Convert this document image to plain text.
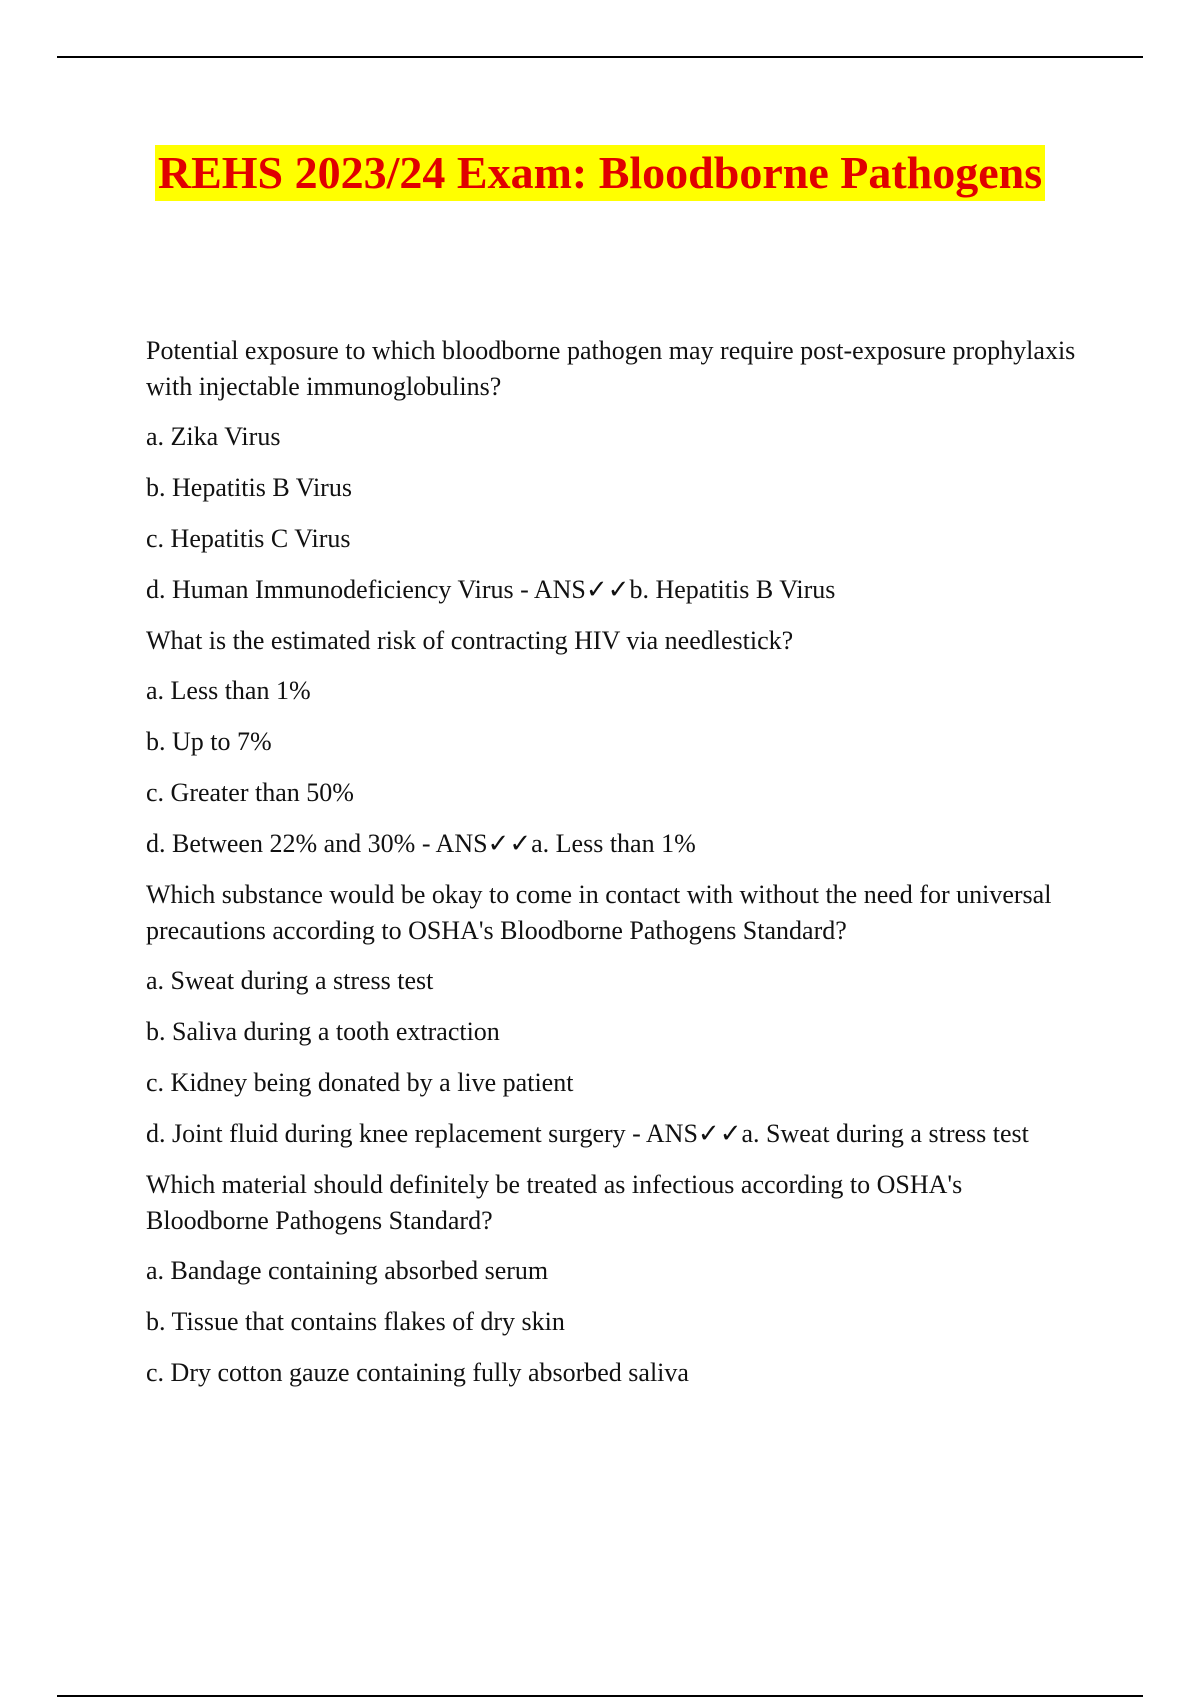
REHS 2023/24 Exam: Bloodborne Pathogens

Potential exposure to which bloodborne pathogen may require post-exposure prophylaxis with injectable immunoglobulins?

a. Zika Virus

b. Hepatitis B Virus

c. Hepatitis C Virus

d. Human Immunodeficiency Virus - ANS✓✓b. Hepatitis B Virus

What is the estimated risk of contracting HIV via needlestick?

a. Less than 1%

b. Up to 7%

c. Greater than 50%

d. Between 22% and 30% - ANS✓✓a. Less than 1%

Which substance would be okay to come in contact with without the need for universal precautions according to OSHA's Bloodborne Pathogens Standard?

a. Sweat during a stress test

b. Saliva during a tooth extraction

c. Kidney being donated by a live patient

d. Joint fluid during knee replacement surgery - ANS✓✓a. Sweat during a stress test

Which material should definitely be treated as infectious according to OSHA's Bloodborne Pathogens Standard?

a. Bandage containing absorbed serum

b. Tissue that contains flakes of dry skin

c. Dry cotton gauze containing fully absorbed saliva
